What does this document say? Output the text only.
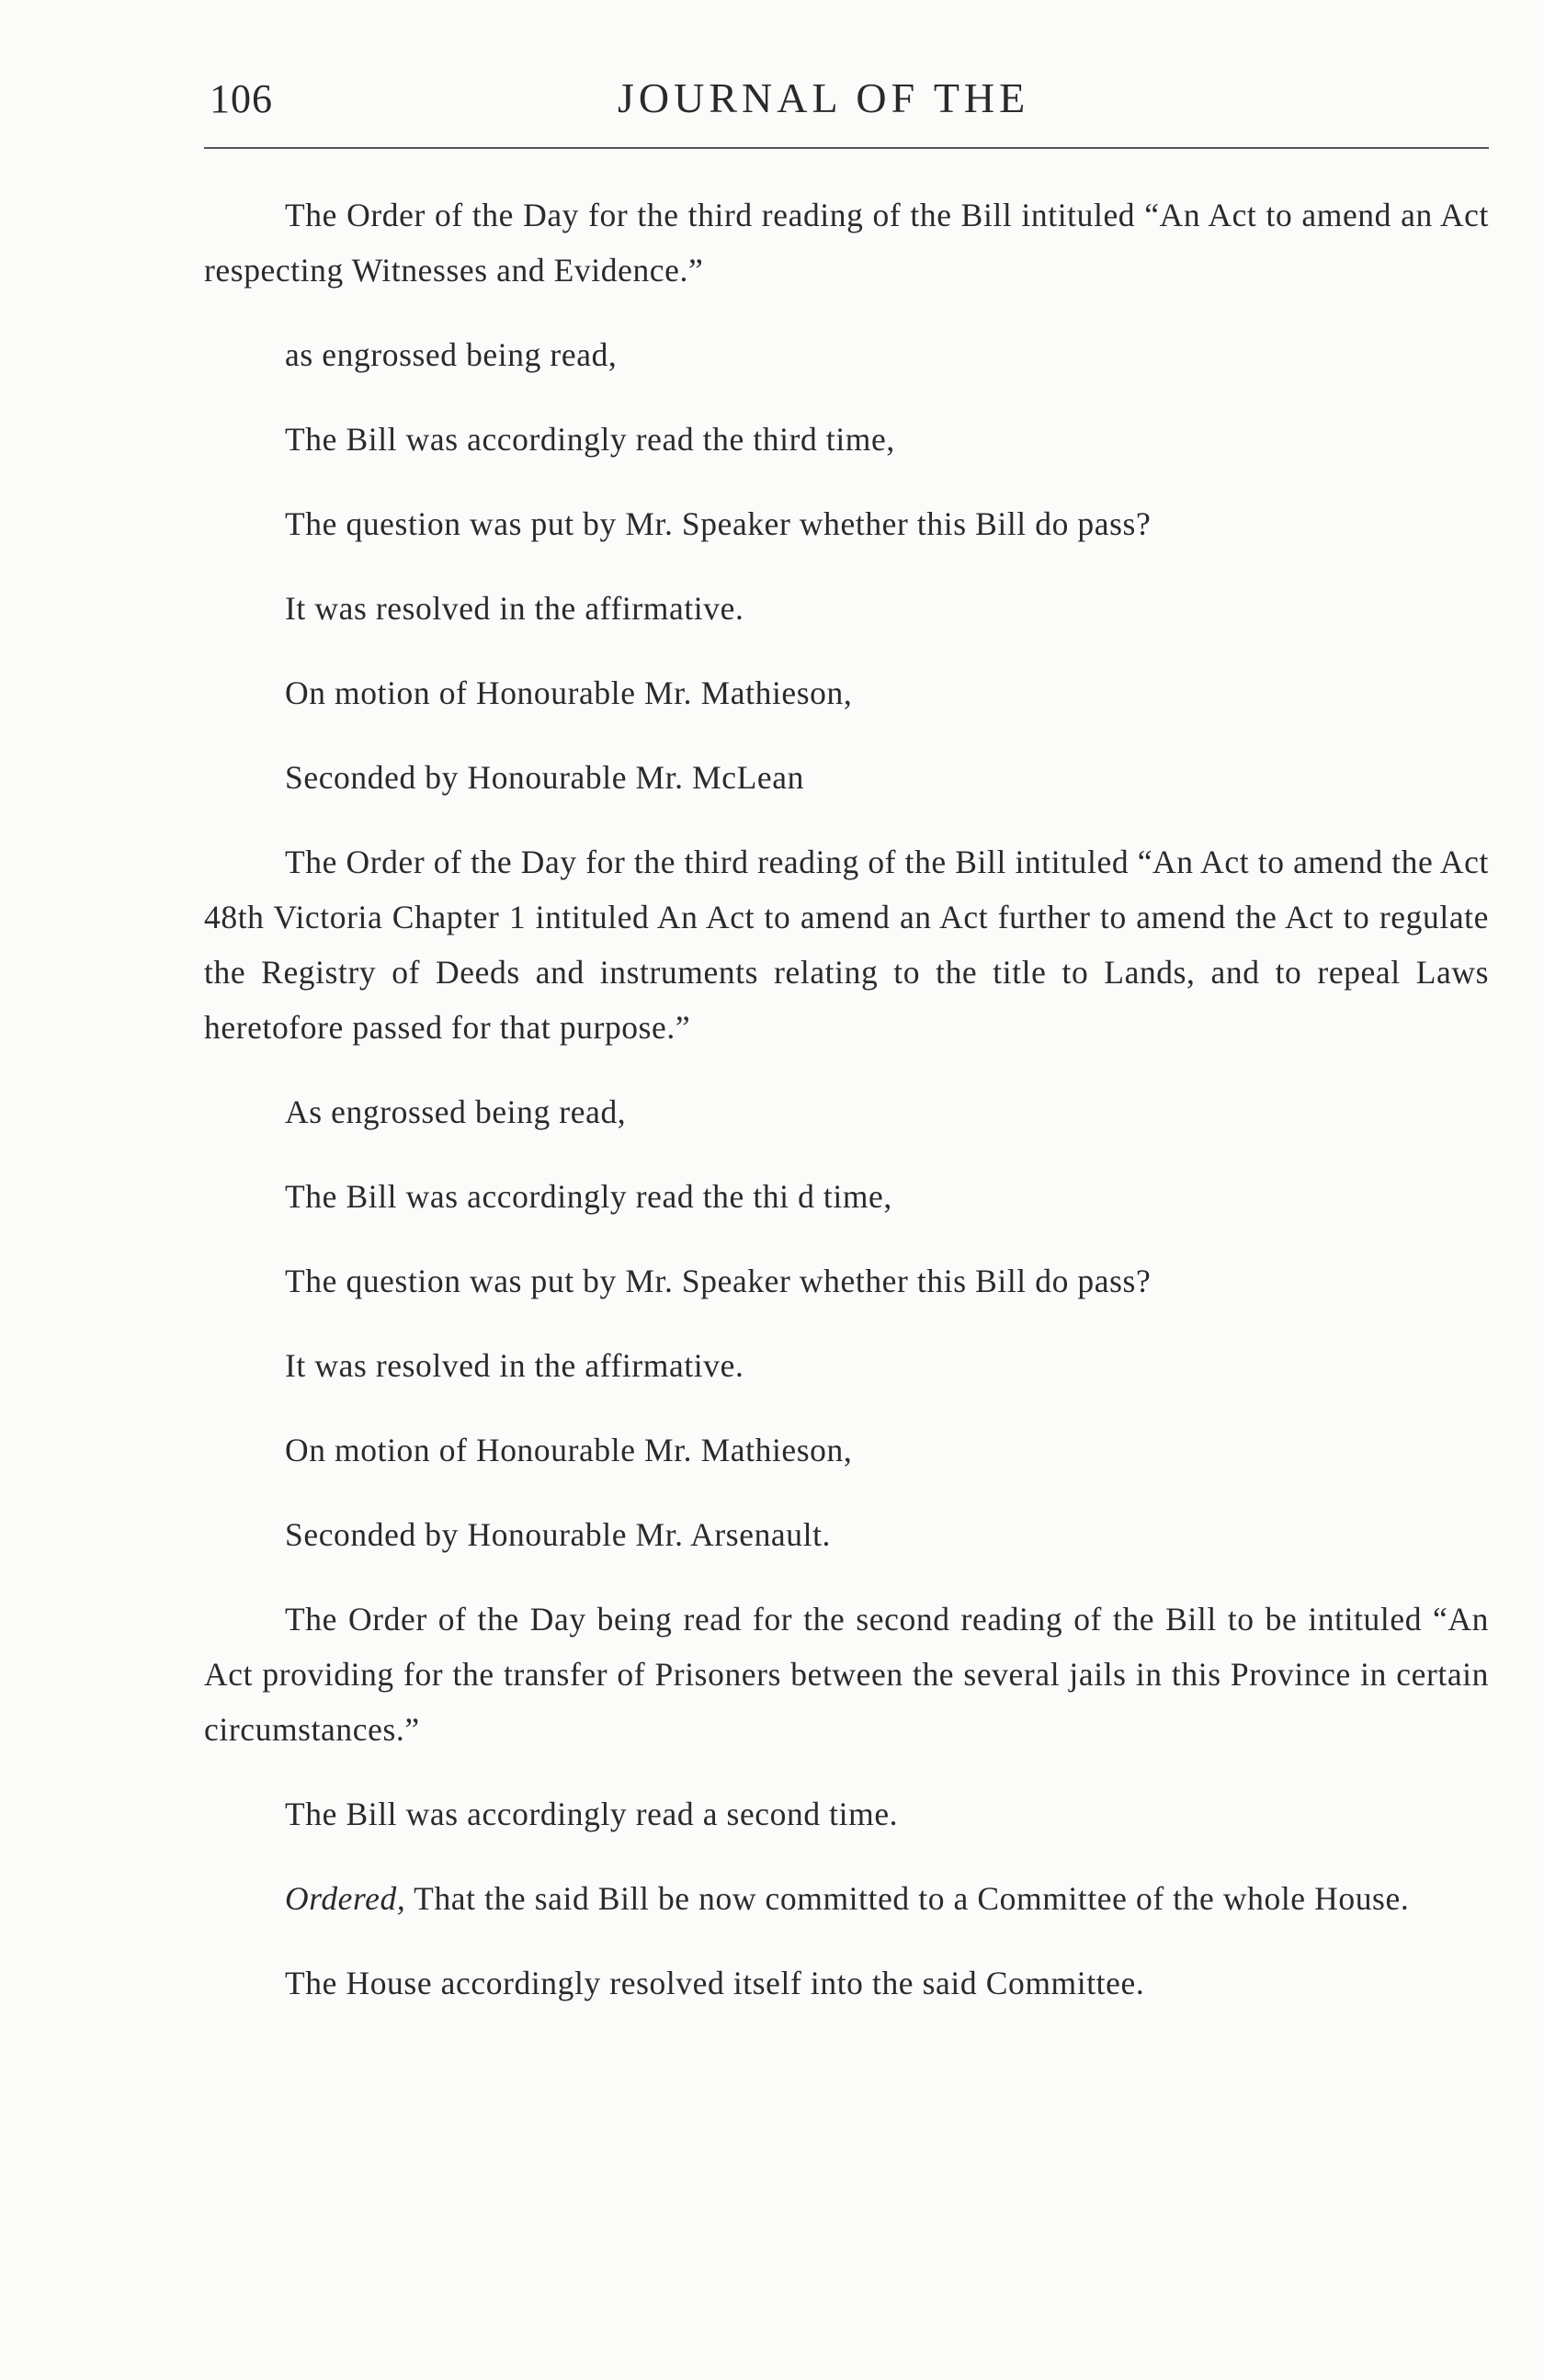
106	JOURNAL OF THE

The Order of the Day for the third reading of the Bill intituled “An Act to amend an Act respecting Witnesses and Evidence.”

as engrossed being read,

The Bill was accordingly read the third time,

The question was put by Mr. Speaker whether this Bill do pass?

It was resolved in the affirmative.

On motion of Honourable Mr. Mathieson,

Seconded by Honourable Mr. McLean

The Order of the Day for the third reading of the Bill intituled “An Act to amend the Act 48th Victoria Chapter 1 intituled An Act to amend an Act further to amend the Act to regulate the Registry of Deeds and instruments relating to the title to Lands, and to repeal Laws heretofore passed for that purpose.”

As engrossed being read,

The Bill was accordingly read the thi d time,

The question was put by Mr. Speaker whether this Bill do pass?

It was resolved in the affirmative.

On motion of Honourable Mr. Mathieson,

Seconded by Honourable Mr. Arsenault.

The Order of the Day being read for the second reading of the Bill to be intituled “An Act providing for the transfer of Prisoners between the several jails in this Province in certain circumstances.”

The Bill was accordingly read a second time.

Ordered, That the said Bill be now committed to a Committee of the whole House.

The House accordingly resolved itself into the said Committee.
